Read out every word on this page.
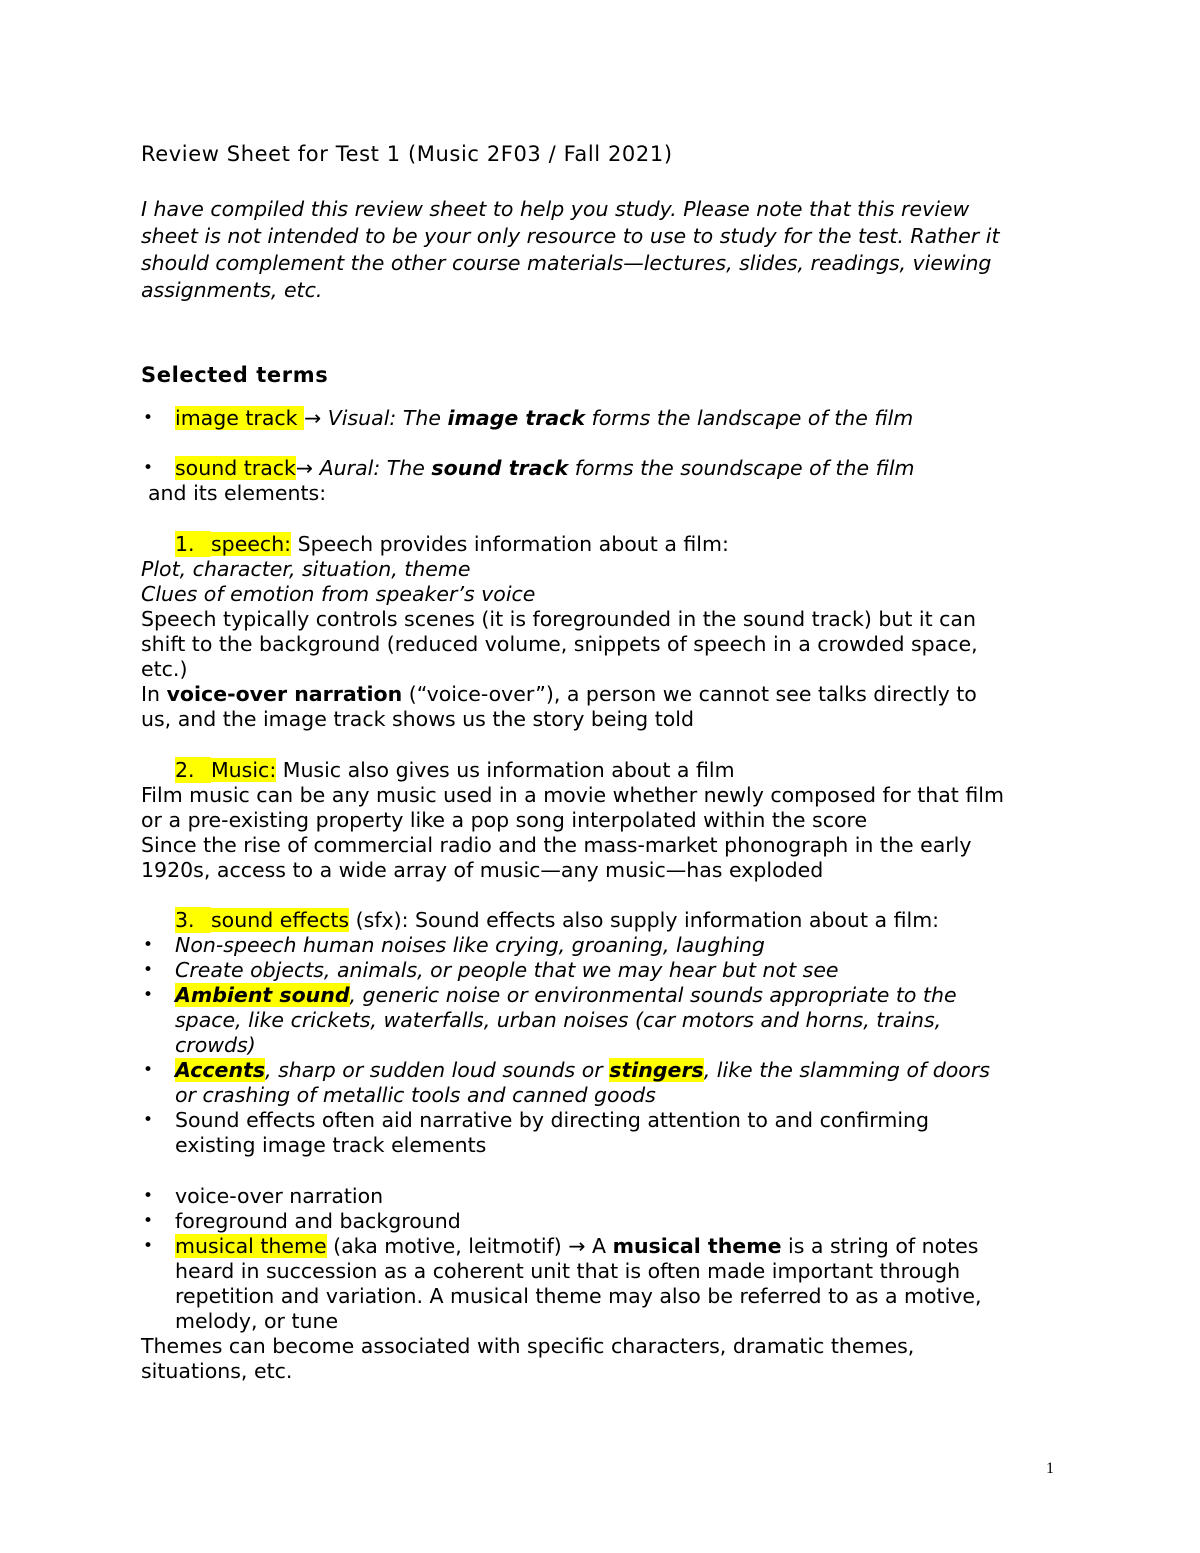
Review Sheet for Test 1 (Music 2F03 / Fall 2021)
I have compiled this review sheet to help you study. Please note that this review
sheet is not intended to be your only resource to use to study for the test. Rather it
should complement the other course materials—lectures, slides, readings, viewing
assignments, etc.
Selected terms
• image track → Visual: The image track forms the landscape of the film
• sound track→ Aural: The sound track forms the soundscape of the film
and its elements:
1. speech: Speech provides information about a film:
Plot, character, situation, theme
Clues of emotion from speaker’s voice
Speech typically controls scenes (it is foregrounded in the sound track) but it can
shift to the background (reduced volume, snippets of speech in a crowded space,
etc.)
In voice-over narration (“voice-over”), a person we cannot see talks directly to
us, and the image track shows us the story being told
2. Music: Music also gives us information about a film
Film music can be any music used in a movie whether newly composed for that film
or a pre-existing property like a pop song interpolated within the score
Since the rise of commercial radio and the mass-market phonograph in the early
1920s, access to a wide array of music—any music—has exploded
3. sound effects (sfx): Sound effects also supply information about a film:
• Non-speech human noises like crying, groaning, laughing
• Create objects, animals, or people that we may hear but not see
• Ambient sound, generic noise or environmental sounds appropriate to the
space, like crickets, waterfalls, urban noises (car motors and horns, trains,
crowds)
• Accents, sharp or sudden loud sounds or stingers, like the slamming of doors
or crashing of metallic tools and canned goods
• Sound effects often aid narrative by directing attention to and confirming
existing image track elements
• voice-over narration
• foreground and background
• musical theme (aka motive, leitmotif) → A musical theme is a string of notes
heard in succession as a coherent unit that is often made important through
repetition and variation. A musical theme may also be referred to as a motive,
melody, or tune
Themes can become associated with specific characters, dramatic themes,
situations, etc.
1
